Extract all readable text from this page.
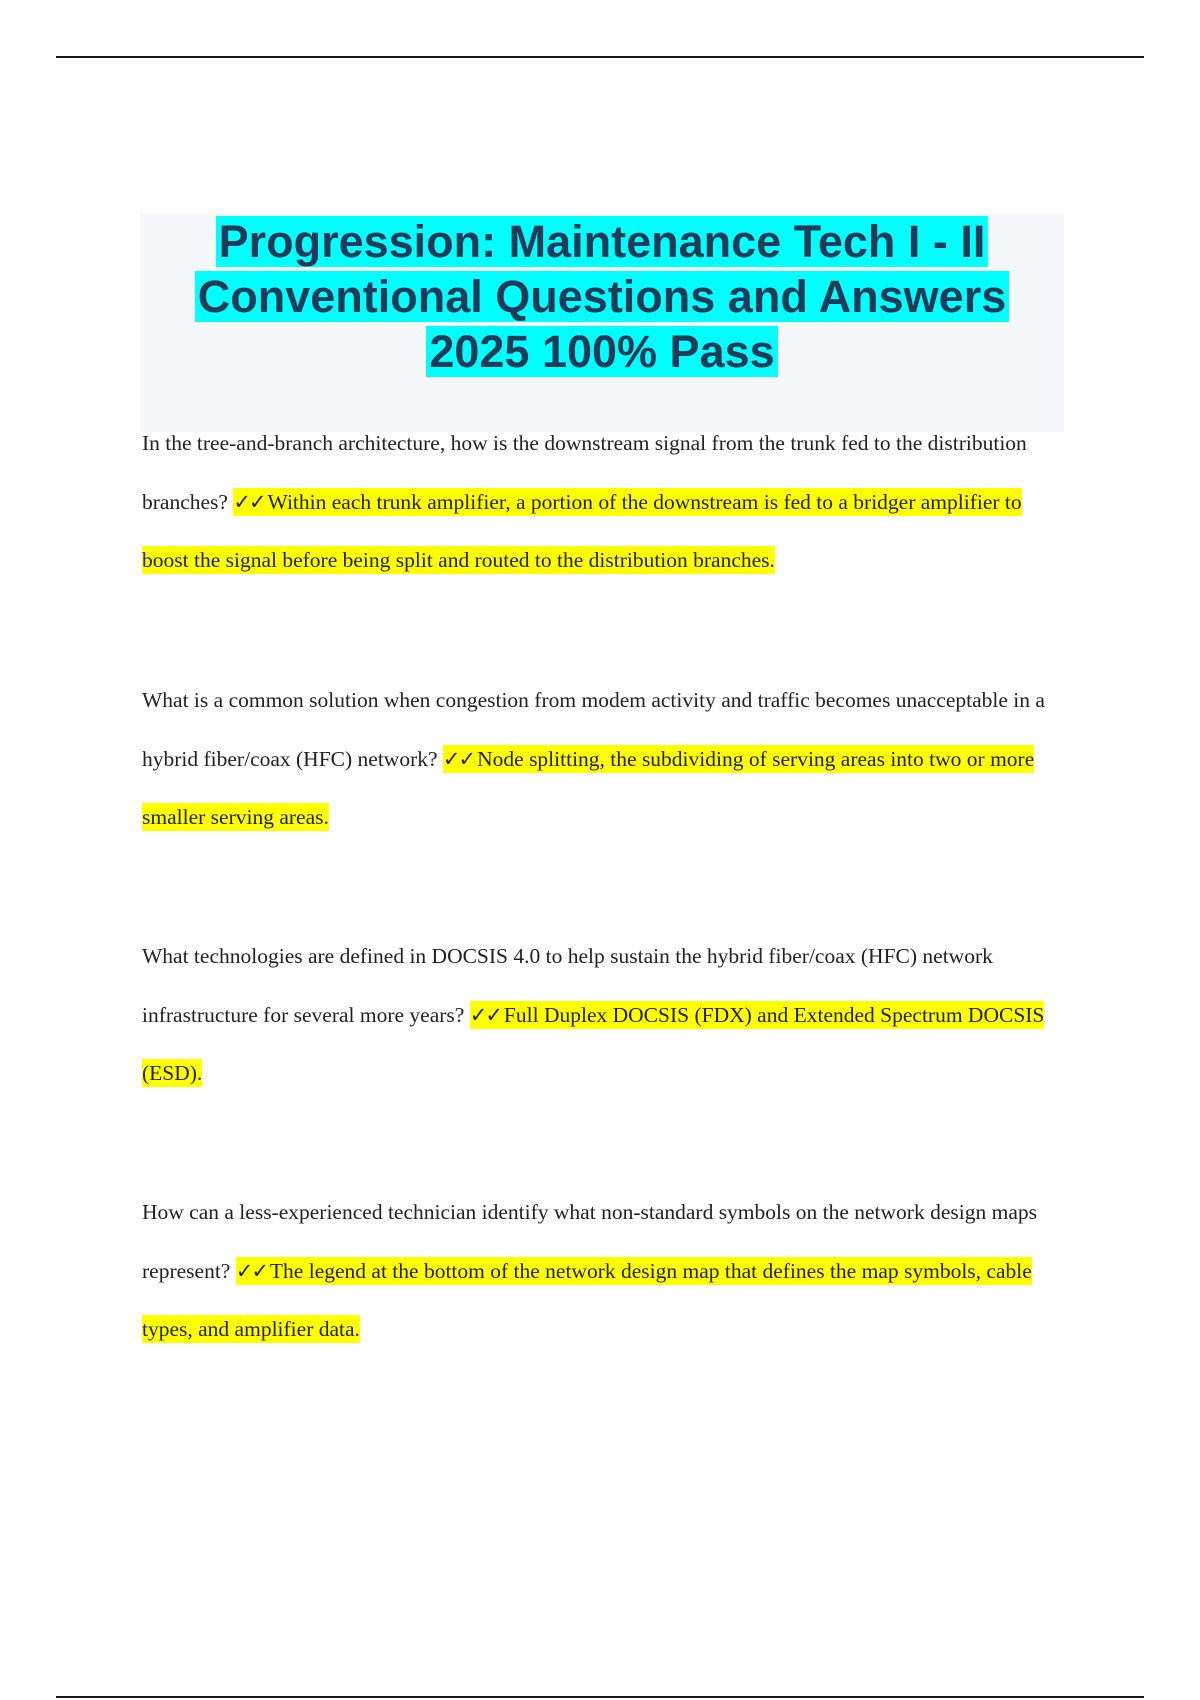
Progression: Maintenance Tech I - II
Conventional Questions and Answers
2025 100% Pass

In the tree-and-branch architecture, how is the downstream signal from the trunk fed to the distribution branches? ✓✓ Within each trunk amplifier, a portion of the downstream is fed to a bridger amplifier to boost the signal before being split and routed to the distribution branches.

What is a common solution when congestion from modem activity and traffic becomes unacceptable in a hybrid fiber/coax (HFC) network? ✓✓ Node splitting, the subdividing of serving areas into two or more smaller serving areas.

What technologies are defined in DOCSIS 4.0 to help sustain the hybrid fiber/coax (HFC) network infrastructure for several more years? ✓✓ Full Duplex DOCSIS (FDX) and Extended Spectrum DOCSIS (ESD).

How can a less-experienced technician identify what non-standard symbols on the network design maps represent? ✓✓ The legend at the bottom of the network design map that defines the map symbols, cable types, and amplifier data.
